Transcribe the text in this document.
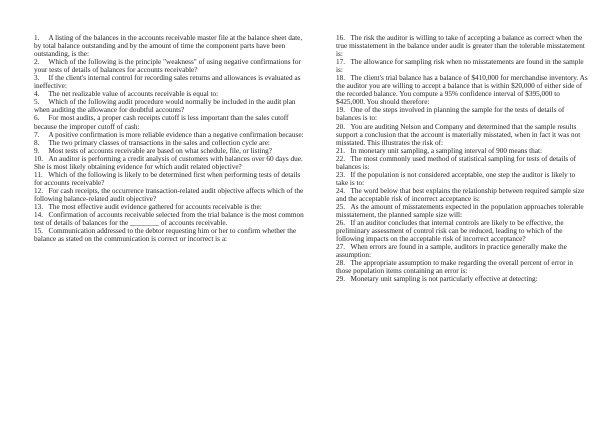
1. A listing of the balances in the accounts receivable master file at the balance sheet date, by total balance outstanding and by the amount of time the component parts have been outstanding, is the:

2. Which of the following is the principle "weakness" of using negative confirmations for your tests of details of balances for accounts receivable?

3. If the client's internal control for recording sales returns and allowances is evaluated as ineffective:

4. The net realizable value of accounts receivable is equal to:

5. Which of the following audit procedure would normally be included in the audit plan when auditing the allowance for doubtful accounts?

6. For most audits, a proper cash receipts cutoff is less important than the sales cutoff because the improper cutoff of cash:

7. A positive confirmation is more reliable evidence than a negative confirmation because:

8. The two primary classes of transactions in the sales and collection cycle are:

9. Most tests of accounts receivable are based on what schedule, file, or listing?

10. An auditor is performing a credit analysis of customers with balances over 60 days due. She is most likely obtaining evidence for which audit related objective?

11. Which of the following is likely to be determined first when performing tests of details for accounts receivable?

12. For cash receipts, the occurrence transaction-related audit objective affects which of the following balance-related audit objective?

13. The most effective audit evidence gathered for accounts receivable is the:

14. Confirmation of accounts receivable selected from the trial balance is the most common test of details of balances for the ________ of accounts receivable.

15. Communication addressed to the debtor requesting him or her to confirm whether the balance as stated on the communication is correct or incorrect is a:

16. The risk the auditor is willing to take of accepting a balance as correct when the true misstatement in the balance under audit is greater than the tolerable misstatement is:

17. The allowance for sampling risk when no misstatements are found in the sample is:

18. The client's trial balance has a balance of $410,000 for merchandise inventory. As the auditor you are willing to accept a balance that is within $20,000 of either side of the recorded balance. You compute a 95% confidence interval of $395,000 to $425,000. You should therefore:

19. One of the steps involved in planning the sample for the tests of details of balances is to:

20. You are auditing Nelson and Company and determined that the sample results support a conclusion that the account is materially misstated, when in fact it was not misstated. This illustrates the risk of:

21. In monetary unit sampling, a sampling interval of 900 means that:

22. The most commonly used method of statistical sampling for tests of details of balances is:

23. If the population is not considered acceptable, one step the auditor is likely to take is to:

24. The word below that best explains the relationship between required sample size and the acceptable risk of incorrect acceptance is:

25. As the amount of misstatements expected in the population approaches tolerable misstatement, the planned sample size will:

26. If an auditor concludes that internal controls are likely to be effective, the preliminary assessment of control risk can be reduced, leading to which of the following impacts on the acceptable risk of incorrect acceptance?

27. When errors are found in a sample, auditors in practice generally make the assumption:

28. The appropriate assumption to make regarding the overall percent of error in those population items containing an error is:

29. Monetary unit sampling is not particularly effective at detecting:
